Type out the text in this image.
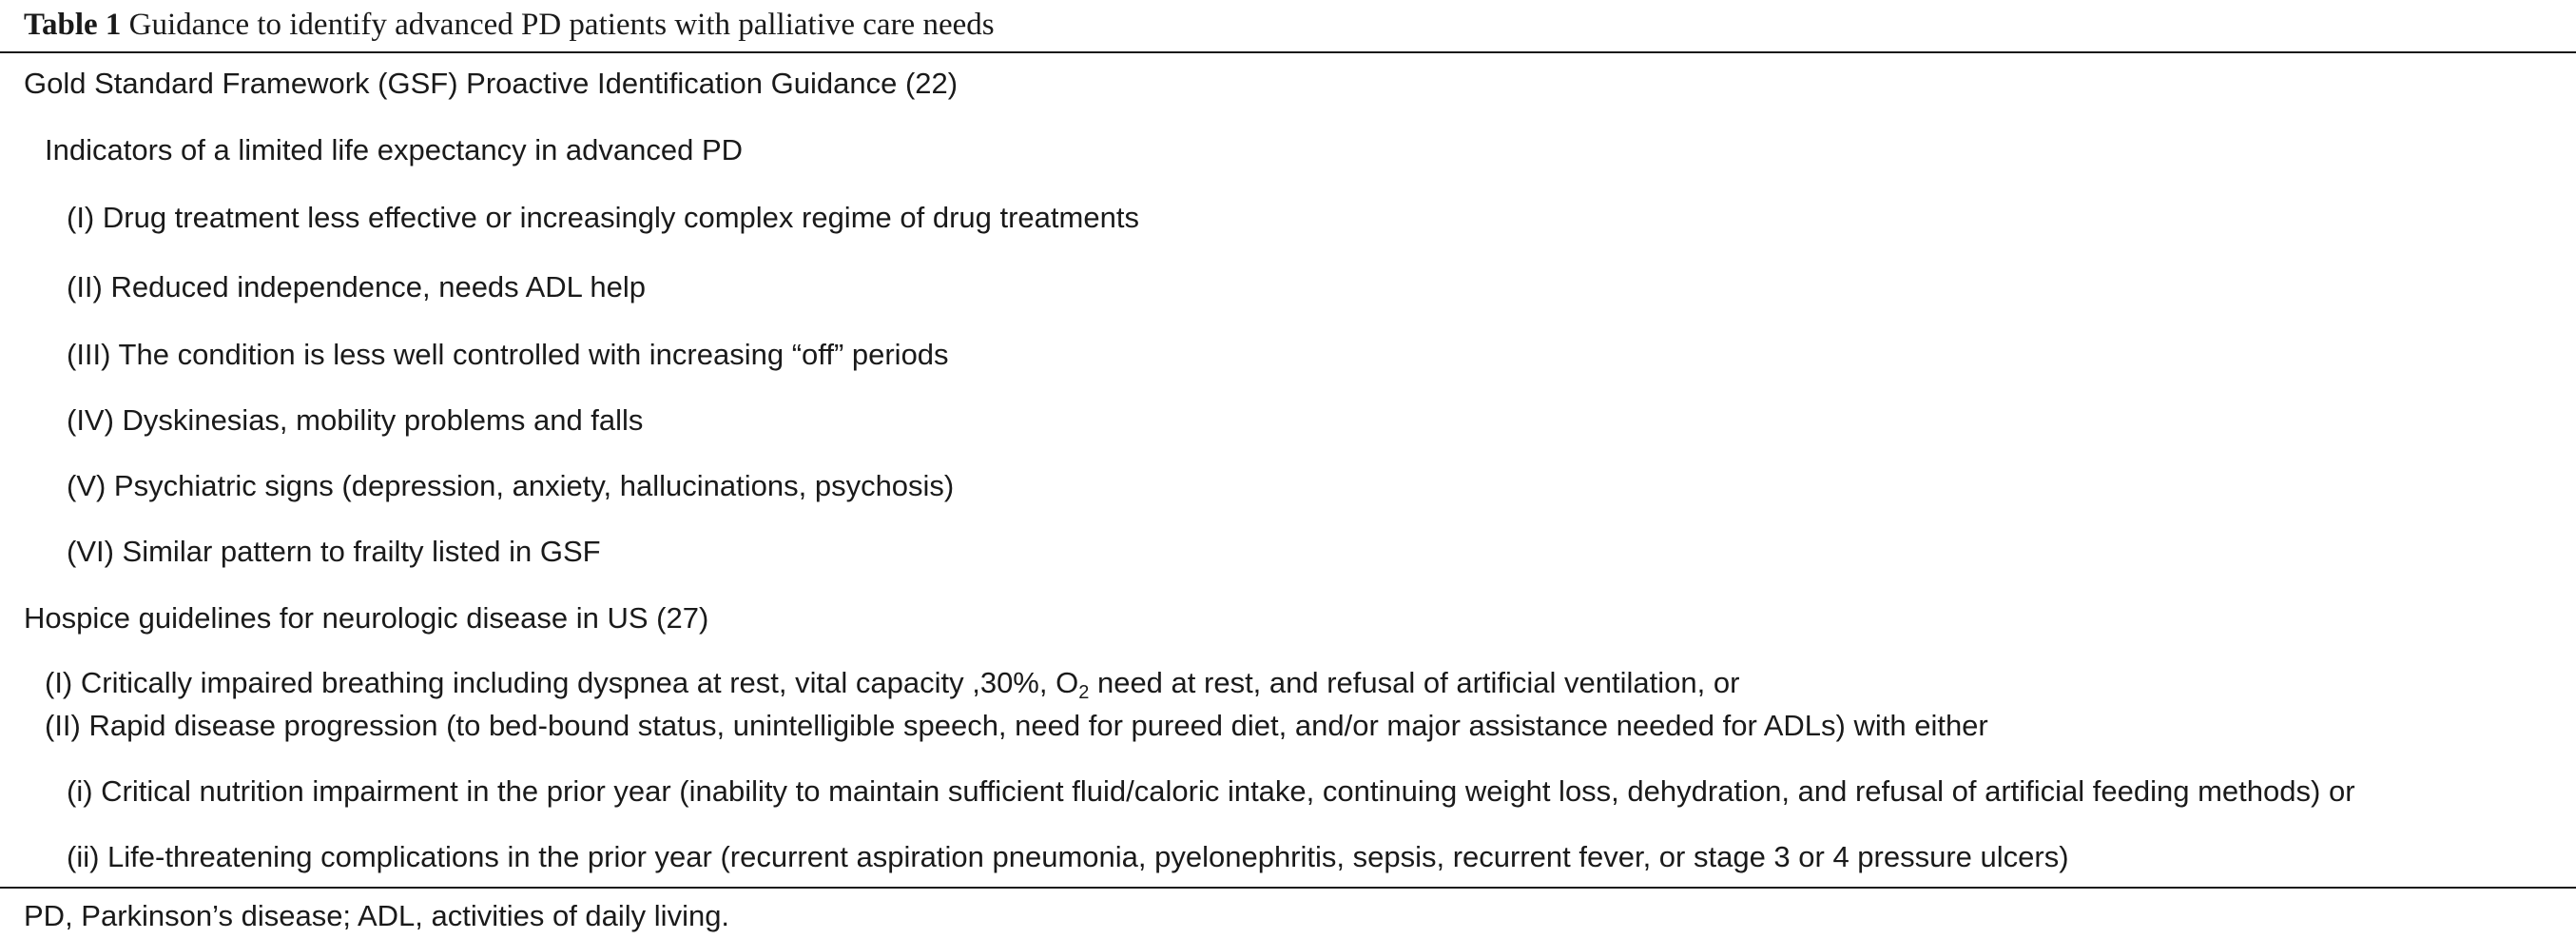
Table 1 Guidance to identify advanced PD patients with palliative care needs
Gold Standard Framework (GSF) Proactive Identification Guidance (22)
Indicators of a limited life expectancy in advanced PD
(I) Drug treatment less effective or increasingly complex regime of drug treatments
(II) Reduced independence, needs ADL help
(III) The condition is less well controlled with increasing “off” periods
(IV) Dyskinesias, mobility problems and falls
(V) Psychiatric signs (depression, anxiety, hallucinations, psychosis)
(VI) Similar pattern to frailty listed in GSF
Hospice guidelines for neurologic disease in US (27)
(I) Critically impaired breathing including dyspnea at rest, vital capacity ,30%, $O_2$ need at rest, and refusal of artificial ventilation, or
(II) Rapid disease progression (to bed-bound status, unintelligible speech, need for pureed diet, and/or major assistance needed for ADLs) with either
(i) Critical nutrition impairment in the prior year (inability to maintain sufficient fluid/caloric intake, continuing weight loss, dehydration, and refusal of artificial feeding methods) or
(ii) Life-threatening complications in the prior year (recurrent aspiration pneumonia, pyelonephritis, sepsis, recurrent fever, or stage 3 or 4 pressure ulcers)
PD, Parkinson’s disease; ADL, activities of daily living.
